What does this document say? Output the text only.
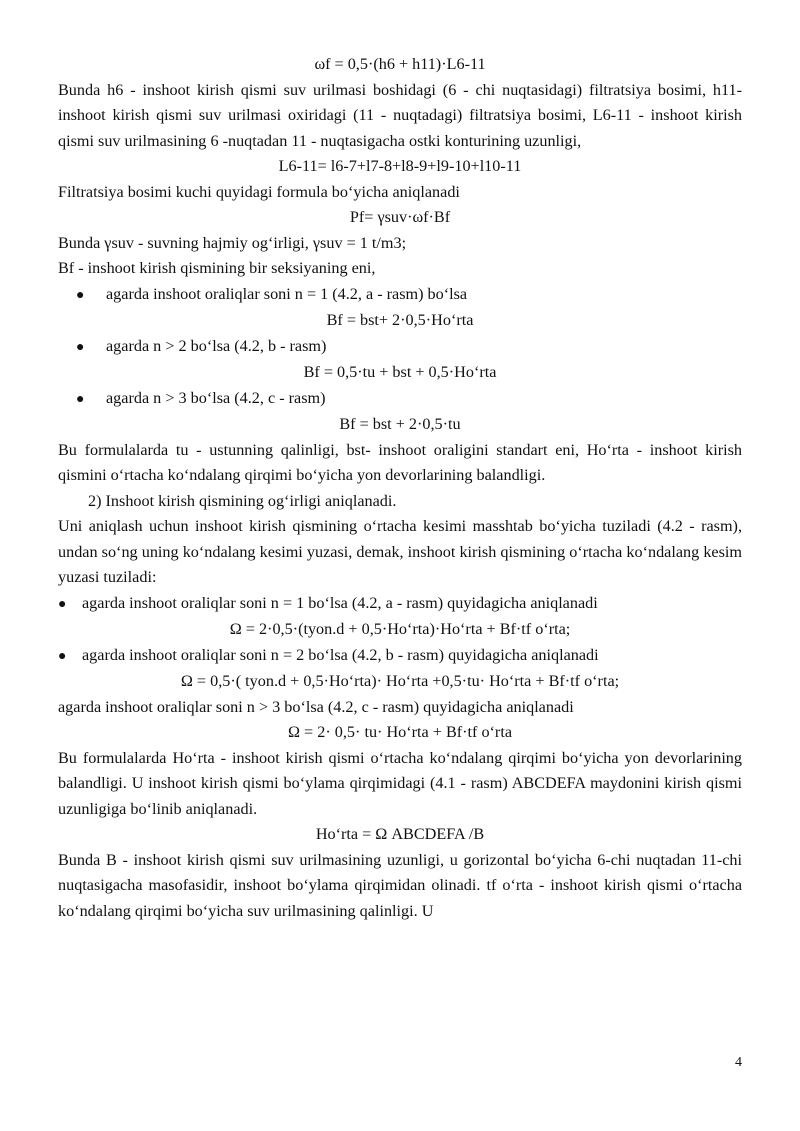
ωf = 0,5·(h6 + h11)·L6-11

Bunda h6 - inshoot kirish qismi suv urilmasi boshidagi (6 - chi nuqtasidagi) filtratsiya bosimi, h11- inshoot kirish qismi suv urilmasi oxiridagi (11 - nuqtadagi) filtratsiya bosimi, L6-11 - inshoot kirish qismi suv urilmasining 6 -nuqtadan 11 - nuqtasigacha ostki konturining uzunligi,

L6-11= l6-7+l7-8+l8-9+l9-10+l10-11

Filtratsiya bosimi kuchi quyidagi formula boʻyicha aniqlanadi

Pf= γsuv·ωf·Bf

Bunda γsuv - suvning hajmiy ogʻirligi, γsuv = 1 t/m3;

Bf - inshoot kirish qismining bir seksiyaning eni,

●	agarda inshoot oraliqlar soni n = 1 (4.2, a - rasm) boʻlsa

Bf = bst+ 2·0,5·Hoʻrta

●	agarda n > 2 boʻlsa (4.2, b - rasm)

Bf = 0,5·tu + bst + 0,5·Hoʻrta

●	agarda n > 3 boʻlsa (4.2, c - rasm)

Bf = bst + 2·0,5·tu

Bu formulalarda tu - ustunning qalinligi, bst- inshoot oraligini standart eni, Hoʻrta - inshoot kirish qismini oʻrtacha koʻndalang qirqimi boʻyicha yon devorlarining balandligi.

2) Inshoot kirish qismining ogʻirligi aniqlanadi.

Uni aniqlash uchun inshoot kirish qismining oʻrtacha kesimi masshtab boʻyicha tuziladi (4.2 - rasm), undan soʻng uning koʻndalang kesimi yuzasi, demak, inshoot kirish qismining oʻrtacha koʻndalang kesim yuzasi tuziladi:

● agarda inshoot oraliqlar soni n = 1 boʻlsa (4.2, a - rasm) quyidagicha aniqlanadi

Ω = 2·0,5·(tyon.d + 0,5·Hoʻrta)·Hoʻrta + Bf·tf oʻrta;

● agarda inshoot oraliqlar soni n = 2 boʻlsa (4.2, b - rasm) quyidagicha aniqlanadi

Ω = 0,5·( tyon.d + 0,5·Hoʻrta)· Hoʻrta +0,5·tu· Hoʻrta + Bf·tf oʻrta;

agarda inshoot oraliqlar soni n > 3 boʻlsa (4.2, c - rasm) quyidagicha aniqlanadi

Ω = 2· 0,5· tu· Hoʻrta + Bf·tf oʻrta

Bu formulalarda Hoʻrta - inshoot kirish qismi oʻrtacha koʻndalang qirqimi boʻyicha yon devorlarining balandligi. U inshoot kirish qismi boʻylama qirqimidagi (4.1 - rasm) ABCDEFA maydonini kirish qismi uzunligiga boʻlinib aniqlanadi.

Hoʻrta = Ω ABCDEFA /B

Bunda B - inshoot kirish qismi suv urilmasining uzunligi, u gorizontal boʻyicha 6-chi nuqtadan 11-chi nuqtasigacha masofasidir, inshoot boʻylama qirqimidan olinadi. tf oʻrta - inshoot kirish qismi oʻrtacha koʻndalang qirqimi boʻyicha suv urilmasining qalinligi. U

4
